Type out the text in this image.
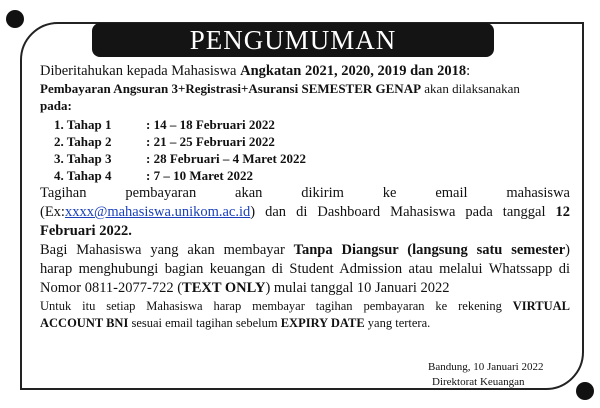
PENGUMUMAN

Diberitahukan kepada Mahasiswa Angkatan 2021, 2020, 2019 dan 2018:

Pembayaran Angsuran 3+Registrasi+Asuransi SEMESTER GENAP akan dilaksanakan

pada:

1. Tahap 1	: 14 – 18 Februari 2022
2. Tahap 2	: 21 – 25 Februari 2022
3. Tahap 3	: 28 Februari – 4 Maret 2022
4. Tahap 4	: 7 – 10 Maret 2022

Tagihan pembayaran akan dikirim ke email mahasiswa

(Ex:xxxx@mahasiswa.unikom.ac.id) dan di Dashboard Mahasiswa pada tanggal 12

Februari 2022.

Bagi Mahasiswa yang akan membayar Tanpa Diangsur (langsung satu semester)

harap menghubungi bagian keuangan di Student Admission atau melalui Whatssapp di

Nomor 0811-2077-722 (TEXT ONLY) mulai tanggal 10 Januari 2022

Untuk itu setiap Mahasiswa harap membayar tagihan pembayaran ke rekening VIRTUAL

ACCOUNT BNI sesuai email tagihan sebelum EXPIRY DATE yang tertera.

Bandung, 10 Januari 2022
Direktorat Keuangan
